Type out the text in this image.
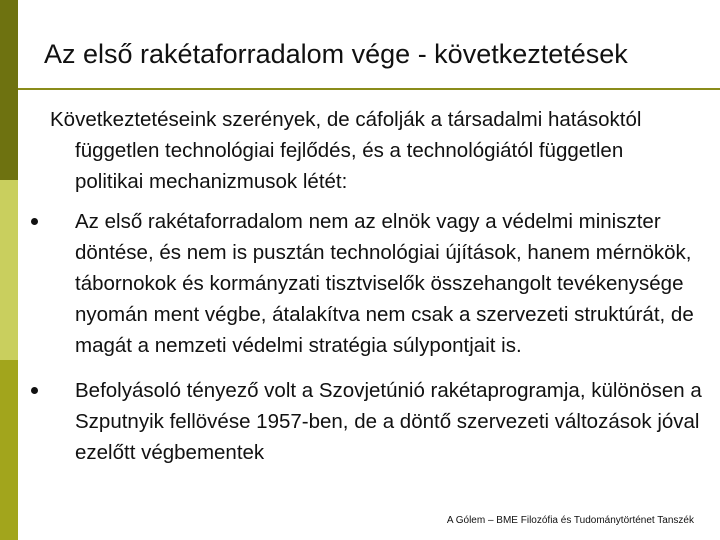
Az első rakétaforradalom vége - következtetések
Következtetéseink szerények, de cáfolják a társadalmi hatásoktól független technológiai fejlődés, és a technológiától független politikai mechanizmusok létét:
Az első rakétaforradalom nem az elnök vagy a védelmi miniszter döntése, és nem is pusztán technológiai újítások, hanem mérnökök, tábornokok és kormányzati tisztviselők összehangolt tevékenysége nyomán ment végbe, átalakítva nem csak a szervezeti struktúrát, de magát a nemzeti védelmi stratégia súlypontjait is.
Befolyásoló tényező volt a Szovjetúnió rakétaprogramja, különösen a Szputnyik fellövése 1957-ben, de a döntő szervezeti változások jóval ezelőtt végbementek
A Gólem – BME Filozófia és Tudománytörténet Tanszék
